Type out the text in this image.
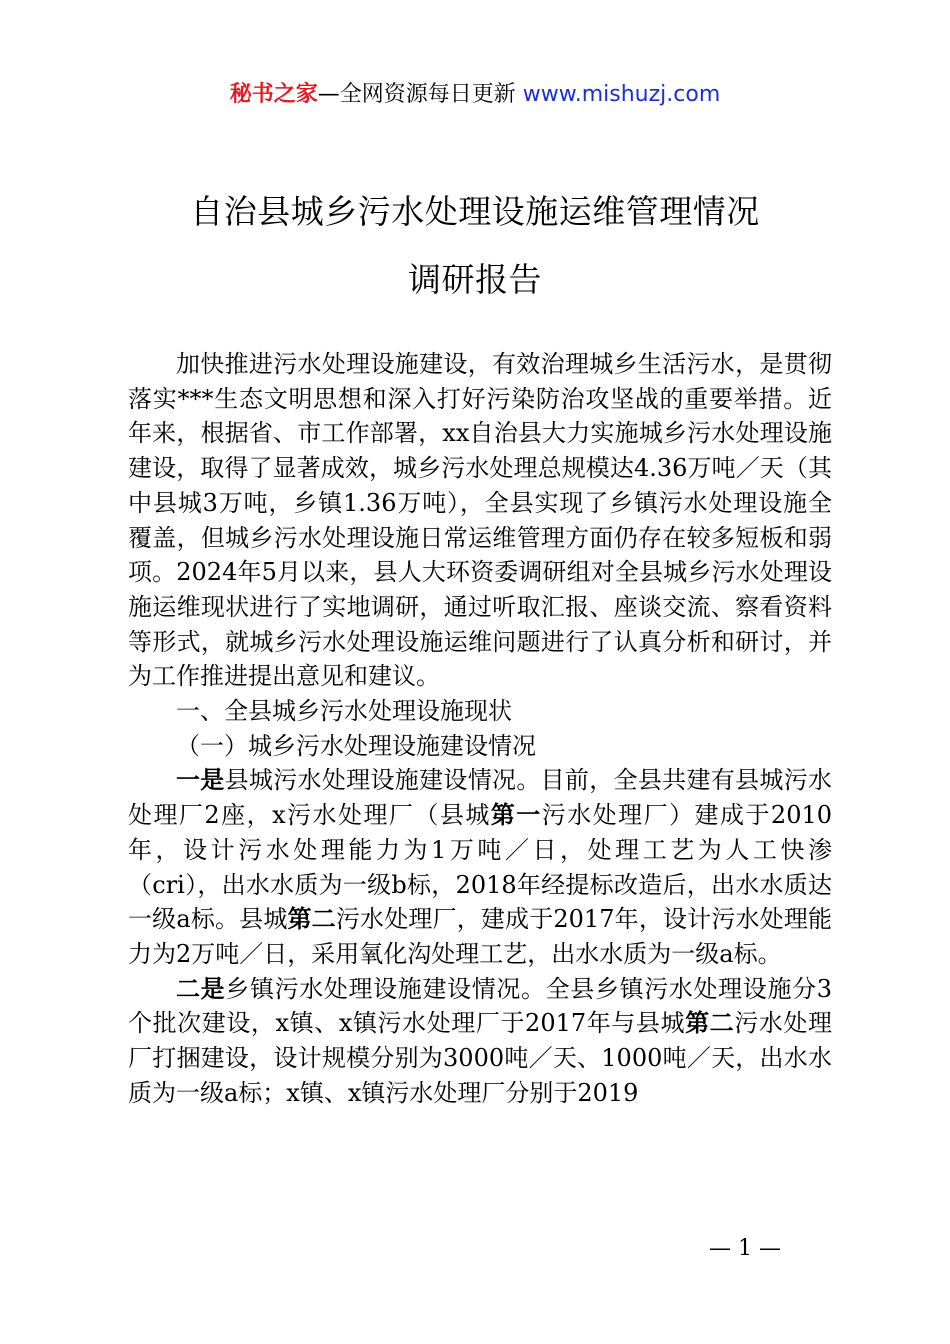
秘书之家—全网资源每日更新 www.mishuzj.com
自治县城乡污水处理设施运维管理情况
调研报告

加快推进污水处理设施建设，有效治理城乡生活污水，是贯彻落实***生态文明思想和深入打好污染防治攻坚战的重要举措。近年来，根据省、市工作部署，xx自治县大力实施城乡污水处理设施建设，取得了显著成效，城乡污水处理总规模达4.36万吨／天（其中县城3万吨，乡镇1.36万吨），全县实现了乡镇污水处理设施全覆盖，但城乡污水处理设施日常运维管理方面仍存在较多短板和弱项。2024年5月以来，县人大环资委调研组对全县城乡污水处理设施运维现状进行了实地调研，通过听取汇报、座谈交流、察看资料等形式，就城乡污水处理设施运维问题进行了认真分析和研讨，并为工作推进提出意见和建议。

一、全县城乡污水处理设施现状

（一）城乡污水处理设施建设情况

一是县城污水处理设施建设情况。目前，全县共建有县城污水处理厂2座，x污水处理厂（县城第一污水处理厂）建成于2010年，设计污水处理能力为1万吨／日，处理工艺为人工快渗（cri），出水水质为一级b标，2018年经提标改造后，出水水质达一级a标。县城第二污水处理厂，建成于2017年，设计污水处理能力为2万吨／日，采用氧化沟处理工艺，出水水质为一级a标。

二是乡镇污水处理设施建设情况。全县乡镇污水处理设施分3个批次建设，x镇、x镇污水处理厂于2017年与县城第二污水处理厂打捆建设，设计规模分别为3000吨／天、1000吨／天，出水水质为一级a标；x镇、x镇污水处理厂分别于2019

— 1 —
